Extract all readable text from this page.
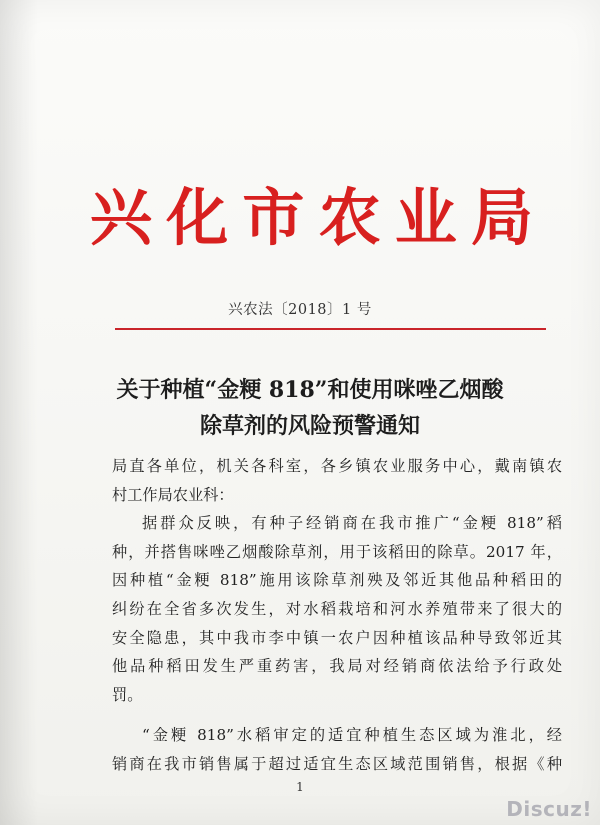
兴化市农业局
兴农法〔2018〕1 号
关于种植“金粳 818”和使用咪唑乙烟酸
除草剂的风险预警通知
局直各单位，机关各科室，各乡镇农业服务中心，戴南镇农
村工作局农业科：
据群众反映，有种子经销商在我市推广“金粳 818”稻
种，并搭售咪唑乙烟酸除草剂，用于该稻田的除草。2017 年，
因种植“金粳 818”施用该除草剂殃及邻近其他品种稻田的
纠纷在全省多次发生，对水稻栽培和河水养殖带来了很大的
安全隐患，其中我市李中镇一农户因种植该品种导致邻近其
他品种稻田发生严重药害，我局对经销商依法给予行政处
罚。
“金粳 818”水稻审定的适宜种植生态区域为淮北，经
销商在我市销售属于超过适宜生态区域范围销售，根据《种
1
Discuz!
